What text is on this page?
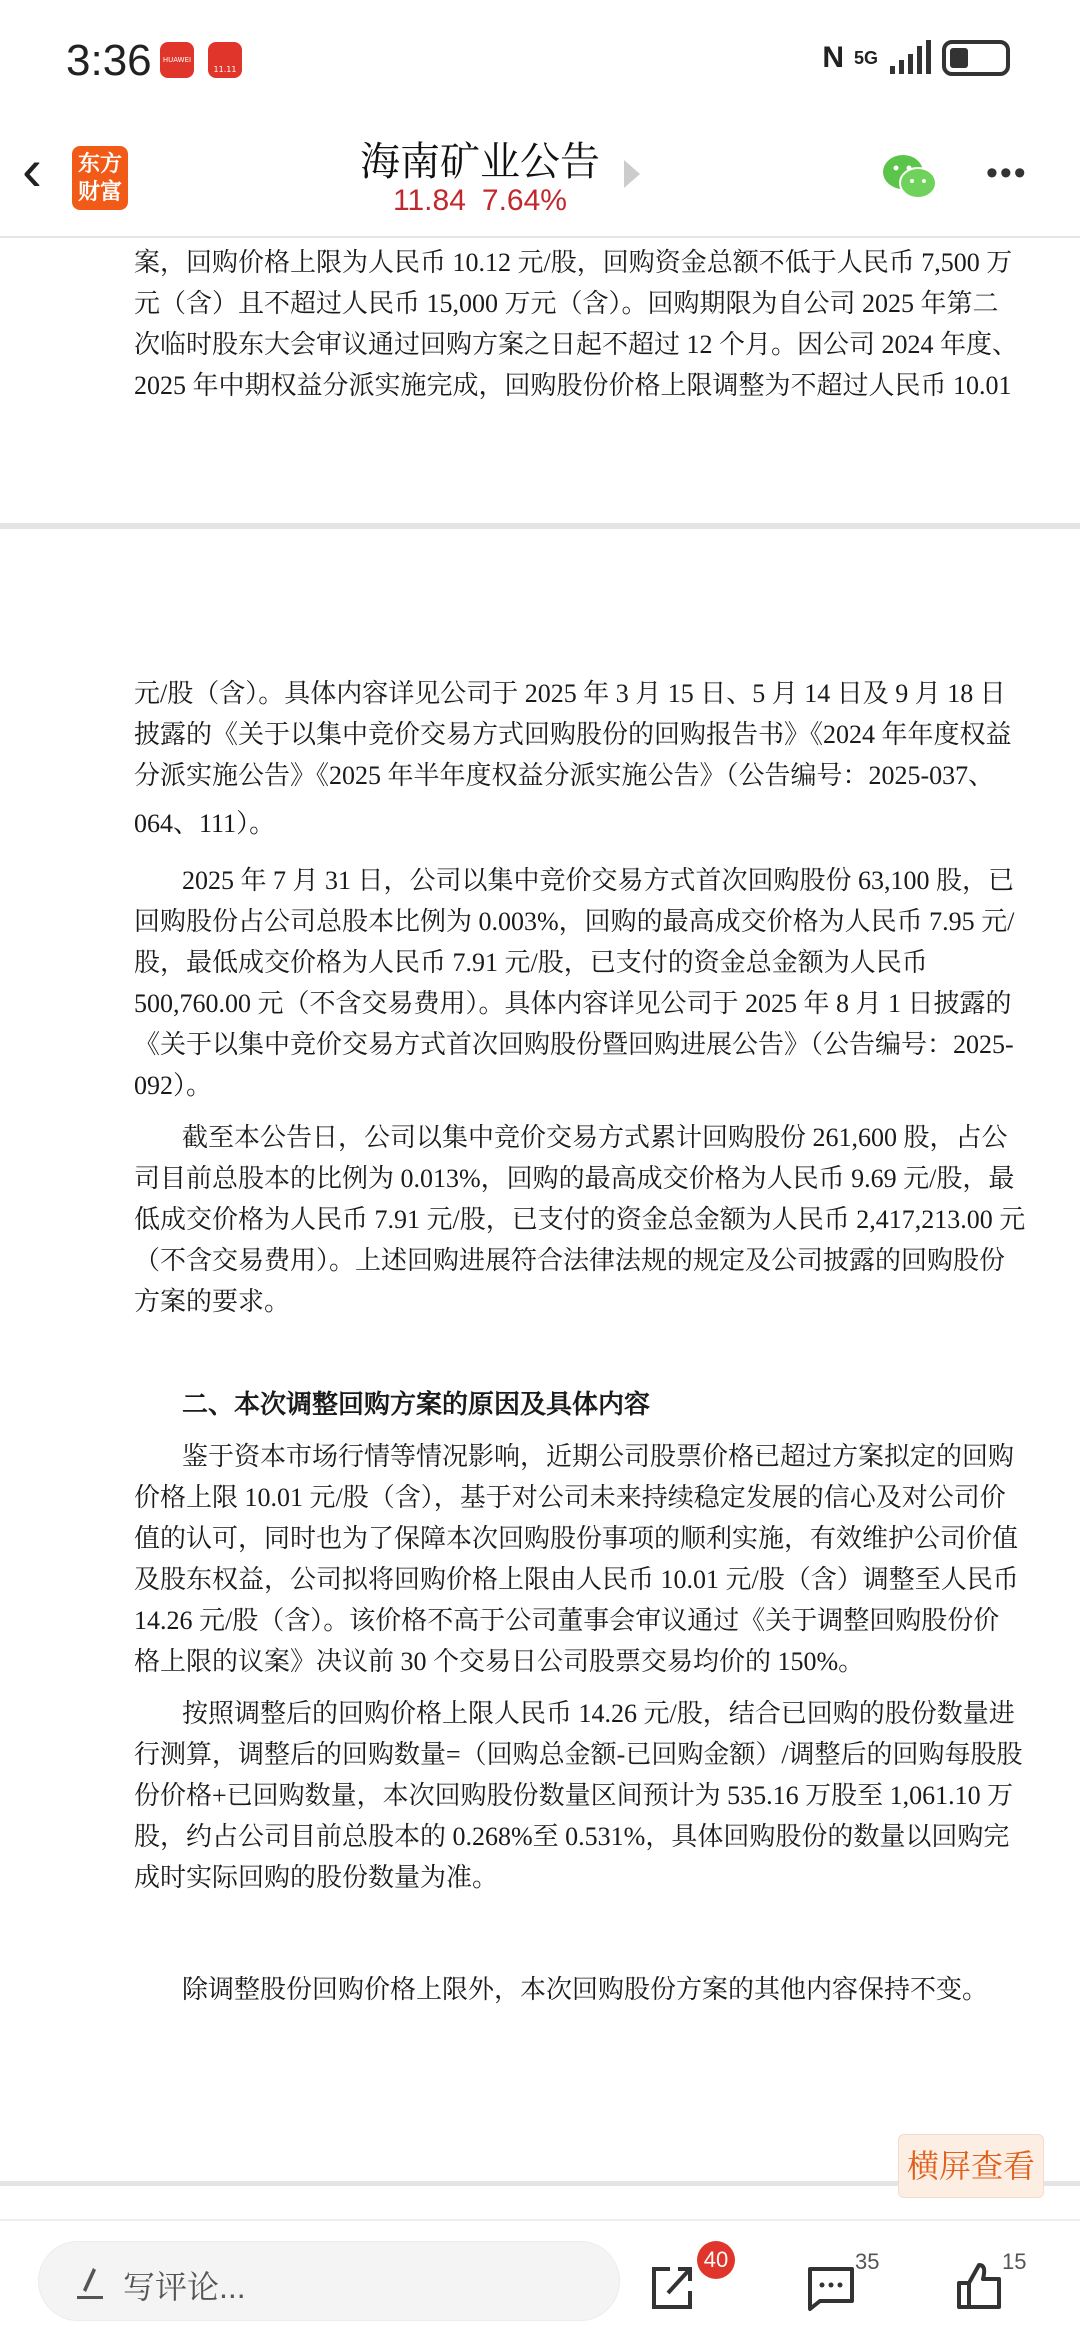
3:36	HUAWEI
11.11	N 5G
‹ 东方
财富
海南矿业公告
11.84 7.64%
•••
案，回购价格上限为人民币 10.12 元/股，回购资金总额不低于人民币 7,500 万
元（含）且不超过人民币 15,000 万元（含）。回购期限为自公司 2025 年第二
次临时股东大会审议通过回购方案之日起不超过 12 个月。因公司 2024 年度、
2025 年中期权益分派实施完成，回购股份价格上限调整为不超过人民币 10.01
元/股（含）。具体内容详见公司于 2025 年 3 月 15 日、5 月 14 日及 9 月 18 日
披露的《关于以集中竞价交易方式回购股份的回购报告书》《2024 年年度权益
分派实施公告》《2025 年半年度权益分派实施公告》（公告编号：2025-037、
064、111）。
2025 年 7 月 31 日，公司以集中竞价交易方式首次回购股份 63,100 股，已
回购股份占公司总股本比例为 0.003%，回购的最高成交价格为人民币 7.95 元/
股，最低成交价格为人民币 7.91 元/股，已支付的资金总金额为人民币
500,760.00 元（不含交易费用）。具体内容详见公司于 2025 年 8 月 1 日披露的
《关于以集中竞价交易方式首次回购股份暨回购进展公告》（公告编号：2025-
092）。
截至本公告日，公司以集中竞价交易方式累计回购股份 261,600 股，占公
司目前总股本的比例为 0.013%，回购的最高成交价格为人民币 9.69 元/股，最
低成交价格为人民币 7.91 元/股，已支付的资金总金额为人民币 2,417,213.00 元
（不含交易费用）。上述回购进展符合法律法规的规定及公司披露的回购股份
方案的要求。
二、本次调整回购方案的原因及具体内容
鉴于资本市场行情等情况影响，近期公司股票价格已超过方案拟定的回购
价格上限 10.01 元/股（含），基于对公司未来持续稳定发展的信心及对公司价
值的认可，同时也为了保障本次回购股份事项的顺利实施，有效维护公司价值
及股东权益，公司拟将回购价格上限由人民币 10.01 元/股（含）调整至人民币
14.26 元/股（含）。该价格不高于公司董事会审议通过《关于调整回购股份价
格上限的议案》决议前 30 个交易日公司股票交易均价的 150%。
按照调整后的回购价格上限人民币 14.26 元/股，结合已回购的股份数量进
行测算，调整后的回购数量=（回购总金额-已回购金额）/调整后的回购每股股
份价格+已回购数量，本次回购股份数量区间预计为 535.16 万股至 1,061.10 万
股，约占公司目前总股本的 0.268%至 0.531%，具体回购股份的数量以回购完
成时实际回购的股份数量为准。
除调整股份回购价格上限外，本次回购股份方案的其他内容保持不变。
横屏查看
写评论...
40	35	15
